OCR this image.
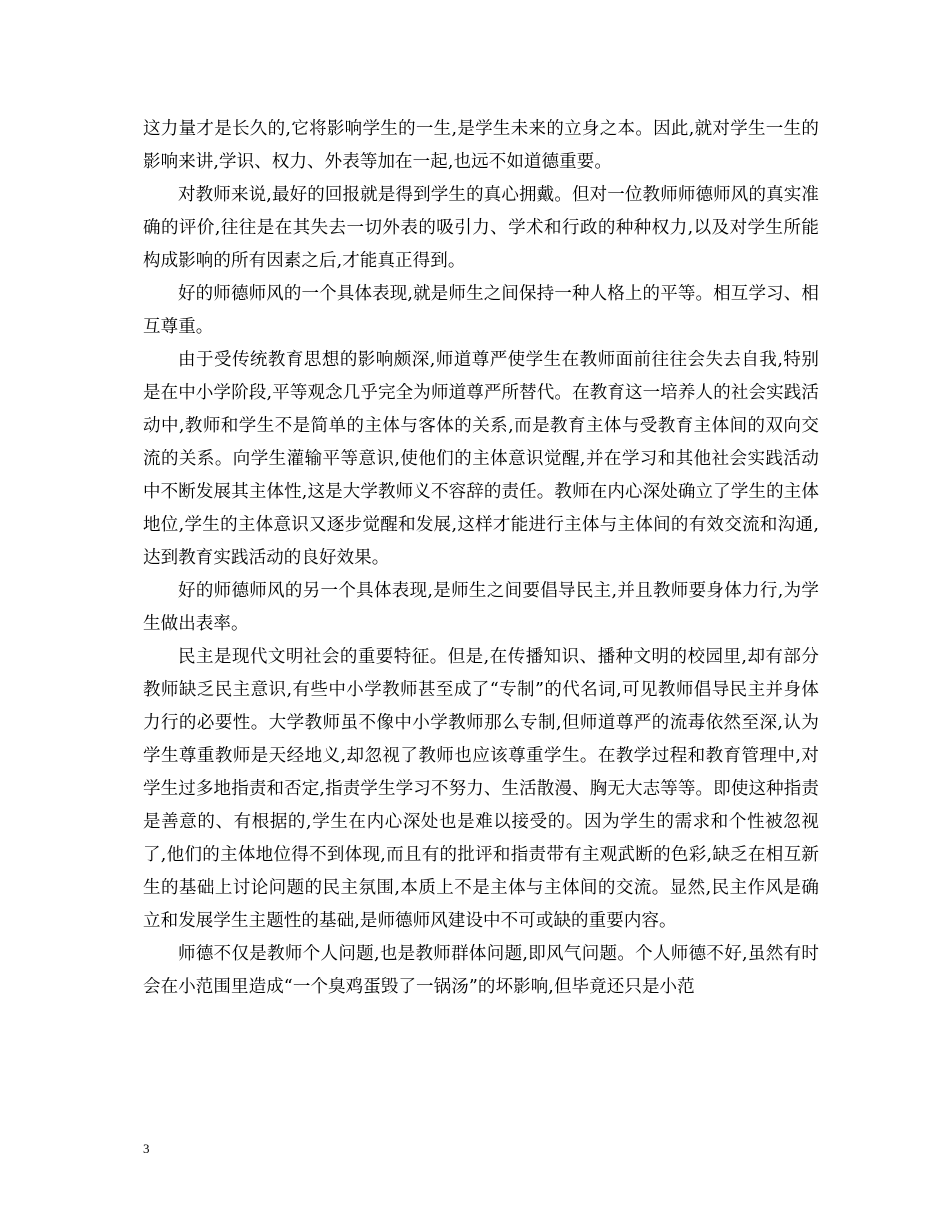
这力量才是长久的,它将影响学生的一生,是学生未来的立身之本。因此,就对学生一生的影响来讲,学识、权力、外表等加在一起,也远不如道德重要。

对教师来说,最好的回报就是得到学生的真心拥戴。但对一位教师师德师风的真实准确的评价,往往是在其失去一切外表的吸引力、学术和行政的种种权力,以及对学生所能构成影响的所有因素之后,才能真正得到。

好的师德师风的一个具体表现,就是师生之间保持一种人格上的平等。相互学习、相互尊重。

由于受传统教育思想的影响颇深,师道尊严使学生在教师面前往往会失去自我,特别是在中小学阶段,平等观念几乎完全为师道尊严所替代。在教育这一培养人的社会实践活动中,教师和学生不是简单的主体与客体的关系,而是教育主体与受教育主体间的双向交流的关系。向学生灌输平等意识,使他们的主体意识觉醒,并在学习和其他社会实践活动中不断发展其主体性,这是大学教师义不容辞的责任。教师在内心深处确立了学生的主体地位,学生的主体意识又逐步觉醒和发展,这样才能进行主体与主体间的有效交流和沟通,达到教育实践活动的良好效果。

好的师德师风的另一个具体表现,是师生之间要倡导民主,并且教师要身体力行,为学生做出表率。

民主是现代文明社会的重要特征。但是,在传播知识、播种文明的校园里,却有部分教师缺乏民主意识,有些中小学教师甚至成了“专制”的代名词,可见教师倡导民主并身体力行的必要性。大学教师虽不像中小学教师那么专制,但师道尊严的流毒依然至深,认为学生尊重教师是天经地义,却忽视了教师也应该尊重学生。在教学过程和教育管理中,对学生过多地指责和否定,指责学生学习不努力、生活散漫、胸无大志等等。即使这种指责是善意的、有根据的,学生在内心深处也是难以接受的。因为学生的需求和个性被忽视了,他们的主体地位得不到体现,而且有的批评和指责带有主观武断的色彩,缺乏在相互新生的基础上讨论问题的民主氛围,本质上不是主体与主体间的交流。显然,民主作风是确立和发展学生主题性的基础,是师德师风建设中不可或缺的重要内容。

师德不仅是教师个人问题,也是教师群体问题,即风气问题。个人师德不好,虽然有时会在小范围里造成“一个臭鸡蛋毁了一锅汤”的坏影响,但毕竟还只是小范

3
